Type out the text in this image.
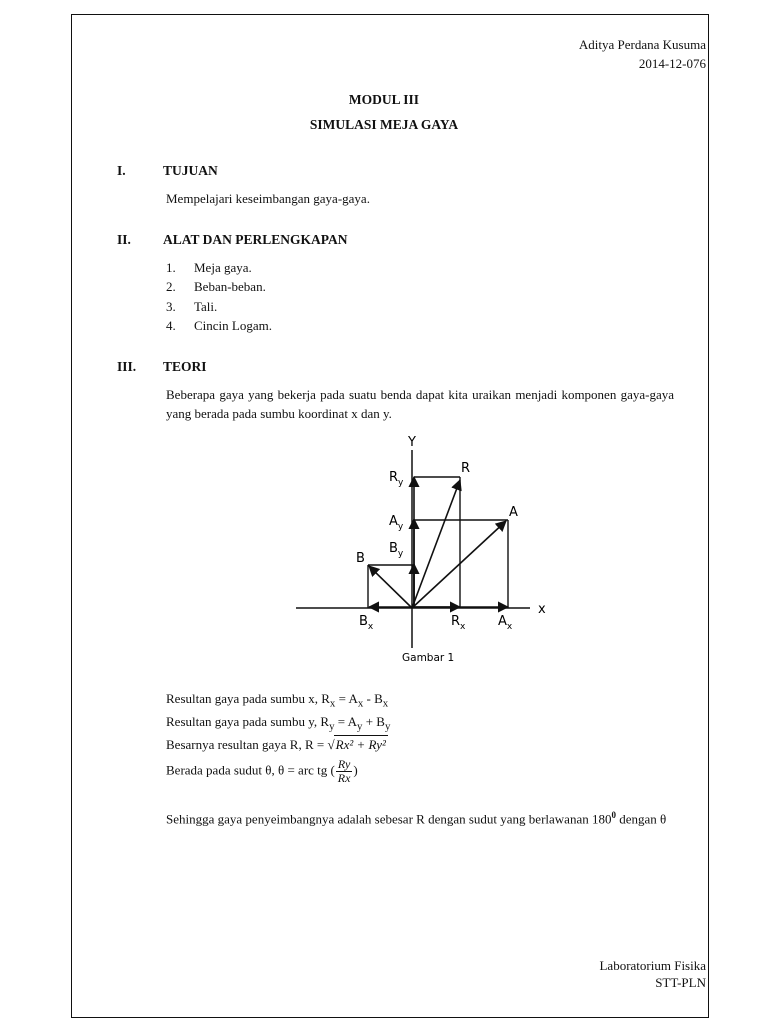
Aditya Perdana Kusuma
2014-12-076
MODUL III
SIMULASI MEJA GAYA
I.	TUJUAN
Mempelajari keseimbangan gaya-gaya.
II. ALAT DAN PERLENGKAPAN
1.	Meja gaya.
2.	Beban-beban.
3.	Tali.
4.	Cincin Logam.
III. TEORI
Beberapa gaya yang bekerja pada suatu benda dapat kita uraikan menjadi komponen gaya-gaya yang berada pada sumbu koordinat x dan y.
Y
x
R
A
B
$R_y$
$A_y$
$B_y$
$B_x$	$R_x$	$A_x$
Gambar 1
Resultan gaya pada sumbu x, $R_x = A_x - B_x$
Resultan gaya pada sumbu y, $R_y = A_y + B_y$
Besarnya resultan gaya R, R = √Rx² + Ry²
Berada pada sudut θ, θ = arc tg ( $\frac{Ry}{Rx}$ )
Sehingga gaya penyeimbangnya adalah sebesar R dengan sudut yang berlawanan $180^0$ dengan θ
Laboratorium Fisika
STT-PLN
